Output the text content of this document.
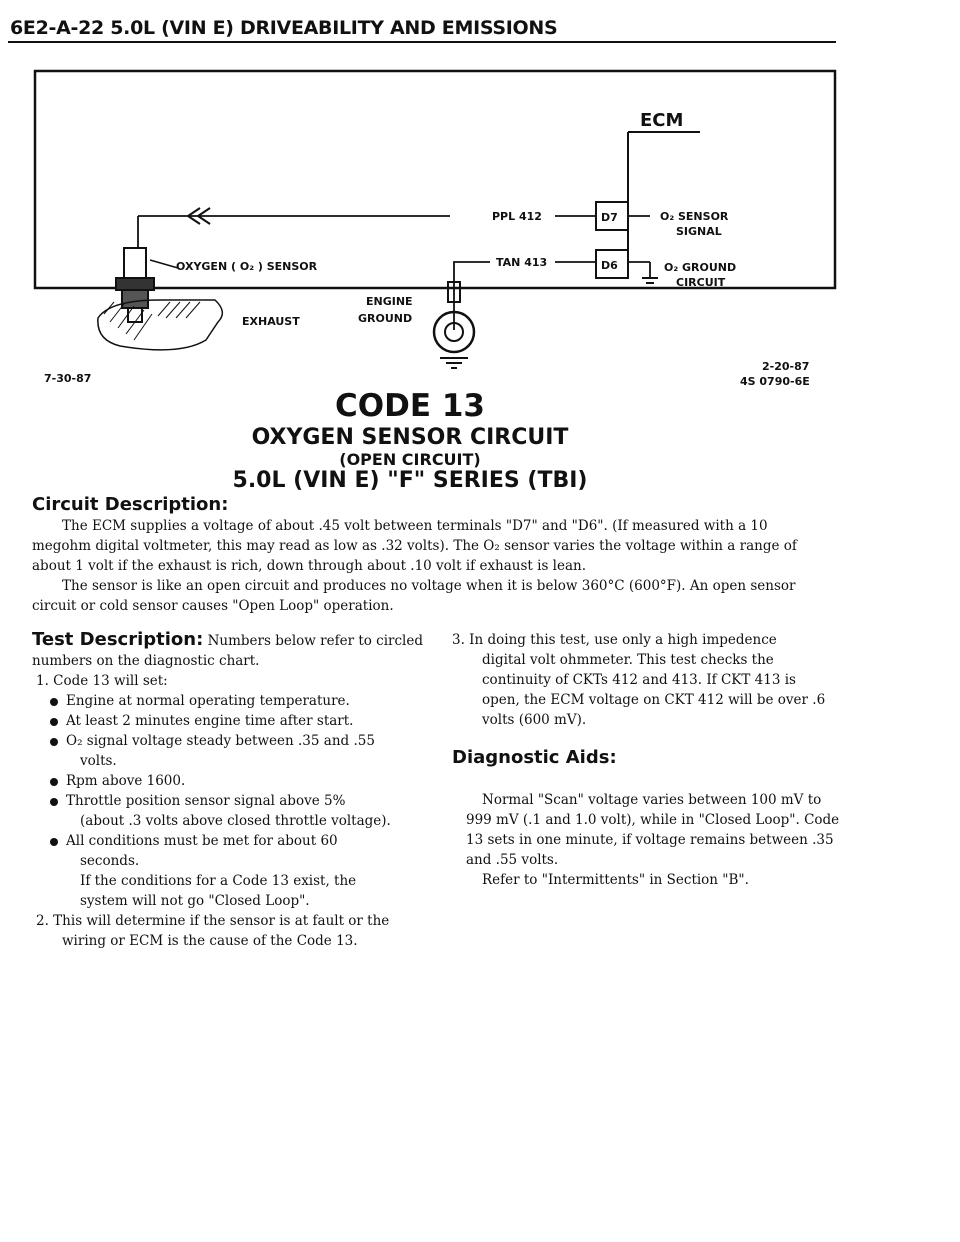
6E2-A-22 5.0L (VIN E) DRIVEABILITY AND EMISSIONS
ECM
D7
D6
PPL 412	O₂ SENSOR
SIGNAL
TAN 413
ENGINE
GROUND
O₂ GROUND
CIRCUIT
OXYGEN ( O₂ ) SENSOR
EXHAUST
7-30-87
2-20-87
4S 0790-6E
CODE 13
OXYGEN SENSOR CIRCUIT
(OPEN CIRCUIT)
5.0L (VIN E) "F" SERIES (TBI)
Circuit Description:
The ECM supplies a voltage of about .45 volt between terminals "D7" and "D6". (If measured with a 10
megohm digital voltmeter, this may read as low as .32 volts). The O₂ sensor varies the voltage within a range of
about 1 volt if the exhaust is rich, down through about .10 volt if exhaust is lean.
The sensor is like an open circuit and produces no voltage when it is below 360°C (600°F). An open sensor
circuit or cold sensor causes "Open Loop" operation.
Test Description: Numbers below refer to circled
numbers on the diagnostic chart.
1. Code 13 will set:
Engine at normal operating temperature.
At least 2 minutes engine time after start.
O₂ signal voltage steady between .35 and .55
volts.
Rpm above 1600.
Throttle position sensor signal above 5%
(about .3 volts above closed throttle voltage).
All conditions must be met for about 60
seconds.
If the conditions for a Code 13 exist, the
system will not go "Closed Loop".
2. This will determine if the sensor is at fault or the
wiring or ECM is the cause of the Code 13.
3. In doing this test, use only a high impedence
digital volt ohmmeter. This test checks the
continuity of CKTs 412 and 413. If CKT 413 is
open, the ECM voltage on CKT 412 will be over .6
volts (600 mV).
Diagnostic Aids:
Normal "Scan" voltage varies between 100 mV to
999 mV (.1 and 1.0 volt), while in "Closed Loop". Code
13 sets in one minute, if voltage remains between .35
and .55 volts.
Refer to "Intermittents" in Section "B".
